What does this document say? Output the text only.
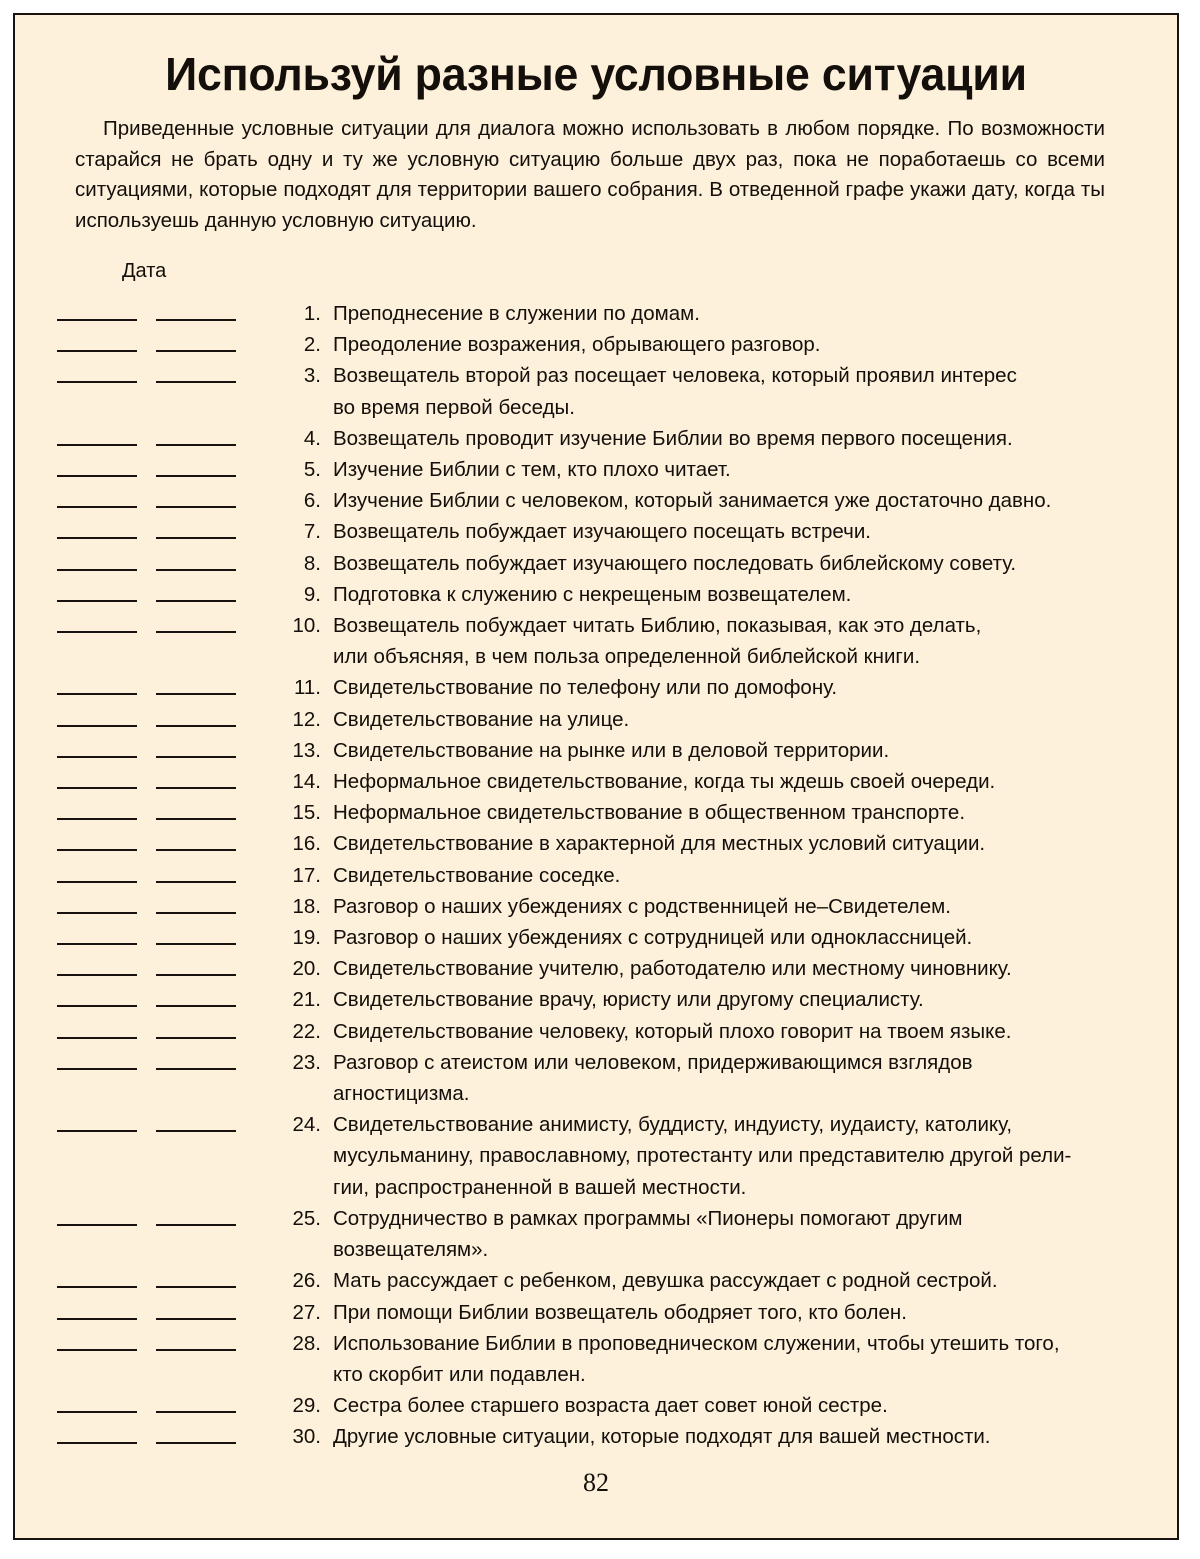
Используй разные условные ситуации

Приведенные условные ситуации для диалога можно использовать в любом порядке. По возможности старайся не брать одну и ту же условную ситуацию больше двух раз, пока не поработаешь со всеми ситуациями, которые подходят для территории вашего собрания. В отведенной графе укажи дату, когда ты используешь данную условную ситуацию.

Дата
1. Преподнесение в служении по домам.
2. Преодоление возражения, обрывающего разговор.
3. Возвещатель второй раз посещает человека, который проявил интерес
во время первой беседы.
4. Возвещатель проводит изучение Библии во время первого посещения.
5. Изучение Библии с тем, кто плохо читает.
6. Изучение Библии с человеком, который занимается уже достаточно давно.
7. Возвещатель побуждает изучающего посещать встречи.
8. Возвещатель побуждает изучающего последовать библейскому совету.
9. Подготовка к служению с некрещеным возвещателем.
10. Возвещатель побуждает читать Библию, показывая, как это делать,
или объясняя, в чем польза определенной библейской книги.
11. Свидетельствование по телефону или по домофону.
12. Свидетельствование на улице.
13. Свидетельствование на рынке или в деловой территории.
14. Неформальное свидетельствование, когда ты ждешь своей очереди.
15. Неформальное свидетельствование в общественном транспорте.
16. Свидетельствование в характерной для местных условий ситуации.
17. Свидетельствование соседке.
18. Разговор о наших убеждениях с родственницей не–Свидетелем.
19. Разговор о наших убеждениях с сотрудницей или одноклассницей.
20. Свидетельствование учителю, работодателю или местному чиновнику.
21. Свидетельствование врачу, юристу или другому специалисту.
22. Свидетельствование человеку, который плохо говорит на твоем языке.
23. Разговор с атеистом или человеком, придерживающимся взглядов
агностицизма.
24. Свидетельствование анимисту, буддисту, индуисту, иудаисту, католику,
мусульманину, православному, протестанту или представителю другой рели-
гии, распространенной в вашей местности.
25. Сотрудничество в рамках программы «Пионеры помогают другим
возвещателям».
26. Мать рассуждает с ребенком, девушка рассуждает с родной сестрой.
27. При помощи Библии возвещатель ободряет того, кто болен.
28. Использование Библии в проповедническом служении, чтобы утешить того,
кто скорбит или подавлен.
29. Сестра более старшего возраста дает совет юной сестре.
30. Другие условные ситуации, которые подходят для вашей местности.
82
